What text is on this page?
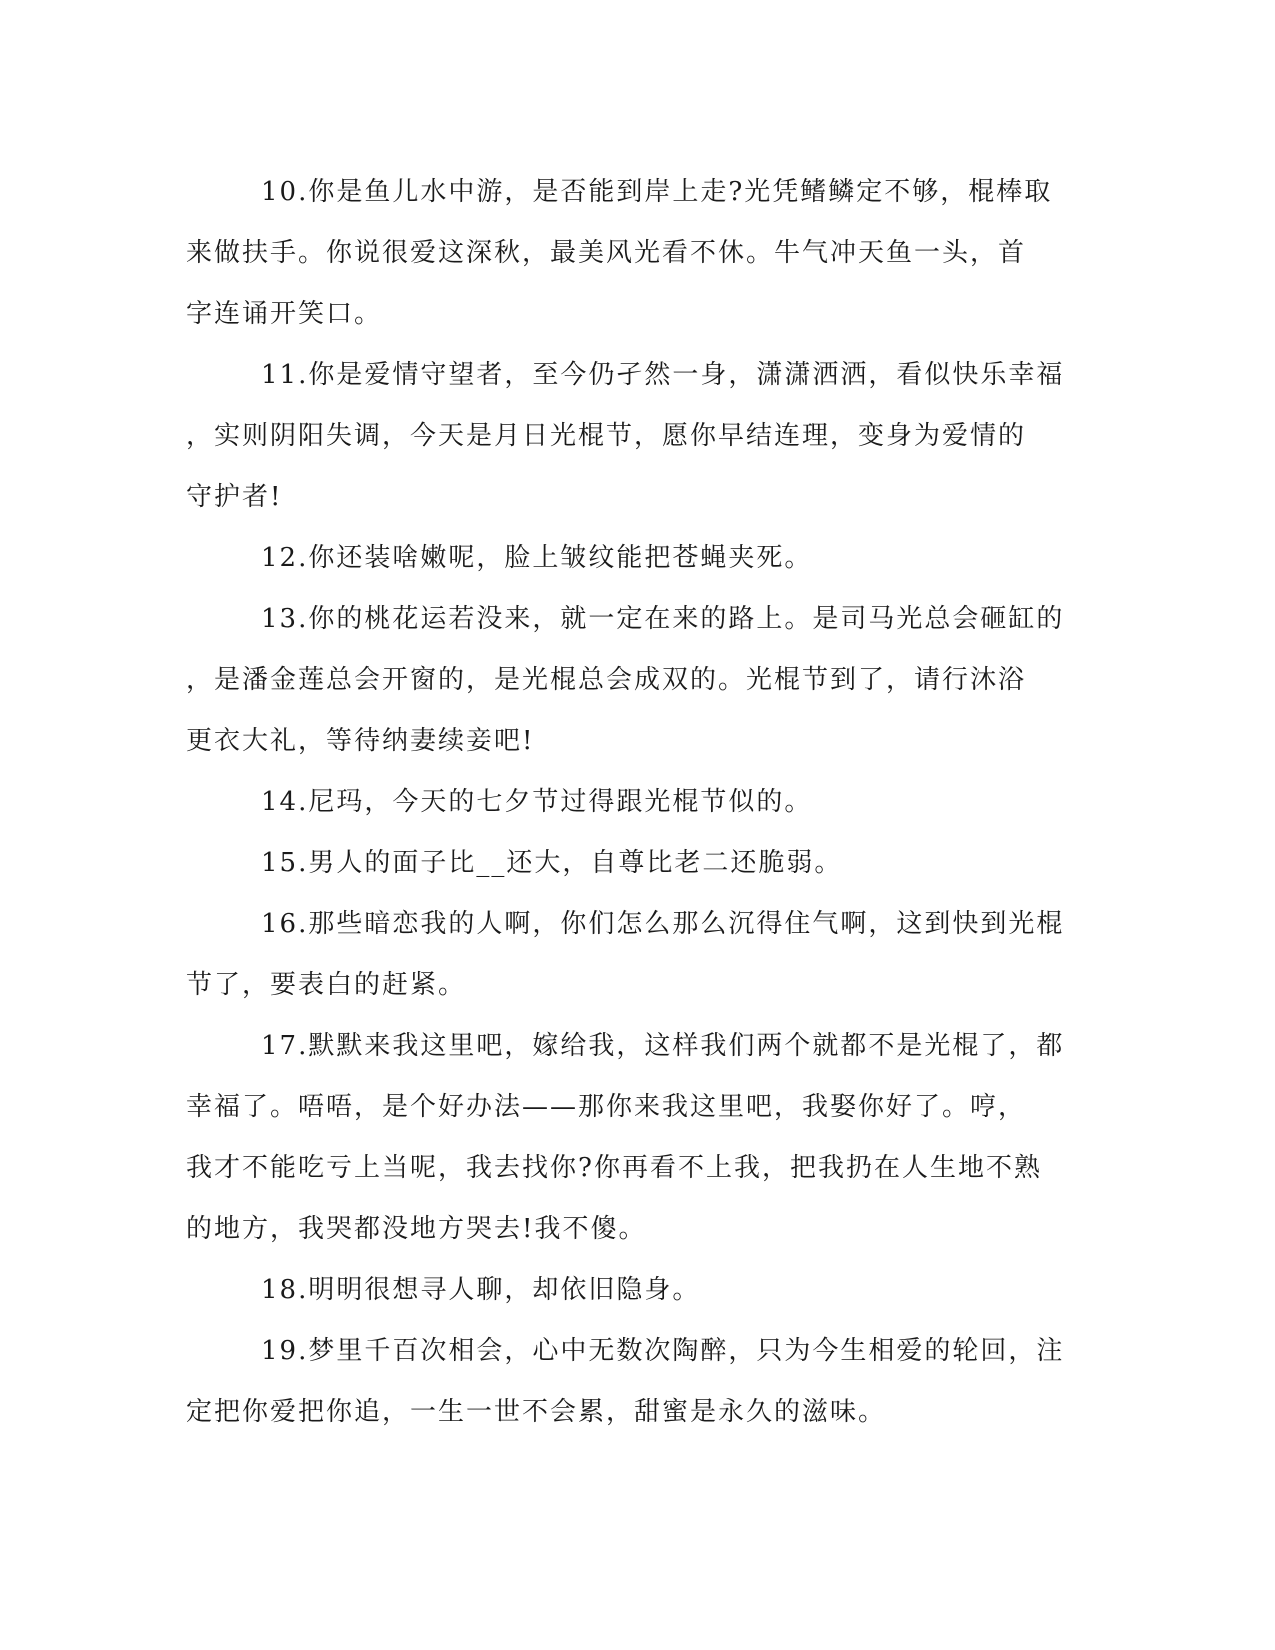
10.你是鱼儿水中游，是否能到岸上走?光凭鳍鳞定不够，棍棒取
来做扶手。你说很爱这深秋，最美风光看不休。牛气冲天鱼一头，首
字连诵开笑口。
11.你是爱情守望者，至今仍孑然一身，潇潇洒洒，看似快乐幸福
，实则阴阳失调，今天是月日光棍节，愿你早结连理，变身为爱情的
守护者!
12.你还装啥嫩呢，脸上皱纹能把苍蝇夹死。
13.你的桃花运若没来，就一定在来的路上。是司马光总会砸缸的
，是潘金莲总会开窗的，是光棍总会成双的。光棍节到了，请行沐浴
更衣大礼，等待纳妻续妾吧!
14.尼玛，今天的七夕节过得跟光棍节似的。
15.男人的面子比__还大，自尊比老二还脆弱。
16.那些暗恋我的人啊，你们怎么那么沉得住气啊，这到快到光棍
节了，要表白的赶紧。
17.默默来我这里吧，嫁给我，这样我们两个就都不是光棍了，都
幸福了。唔唔，是个好办法——那你来我这里吧，我娶你好了。哼，
我才不能吃亏上当呢，我去找你?你再看不上我，把我扔在人生地不熟
的地方，我哭都没地方哭去!我不傻。
18.明明很想寻人聊，却依旧隐身。
19.梦里千百次相会，心中无数次陶醉，只为今生相爱的轮回，注
定把你爱把你追，一生一世不会累，甜蜜是永久的滋味。
